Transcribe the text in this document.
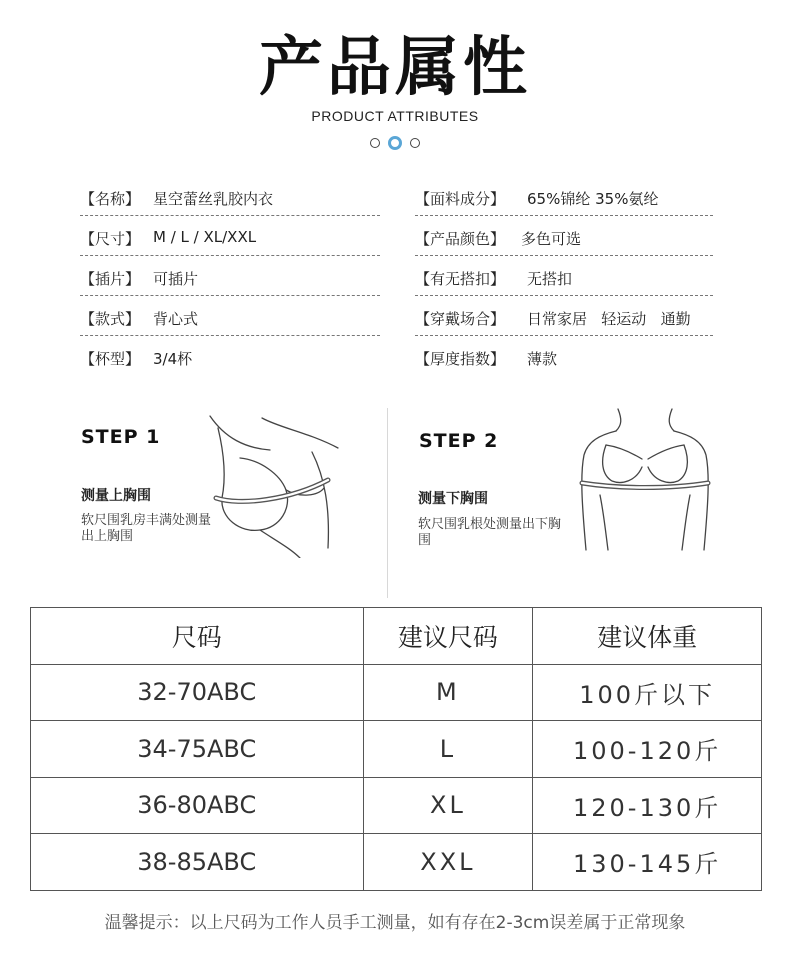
产品属性
PRODUCT ATTRIBUTES
【名称】 星空蕾丝乳胶内衣
【尺寸】 M / L / XL/XXL
【插片】 可插片
【款式】 背心式
【杯型】 3/4杯
【面料成分】 65%锦纶 35%氨纶
【产品颜色】 多色可选
【有无搭扣】 无搭扣
【穿戴场合】 日常家居   轻运动   通勤
【厚度指数】 薄款
STEP 1
测量上胸围
软尺围乳房丰满处测量出上胸围
STEP 2
测量下胸围
软尺围乳根处测量出下胸围
尺码	建议尺码	建议体重
32-70ABC	M	100斤以下
34-75ABC	L	100-120斤
36-80ABC	XL	120-130斤
38-85ABC	XXL	130-145斤
温馨提示：以上尺码为工作人员手工测量，如有存在2-3cm误差属于正常现象
